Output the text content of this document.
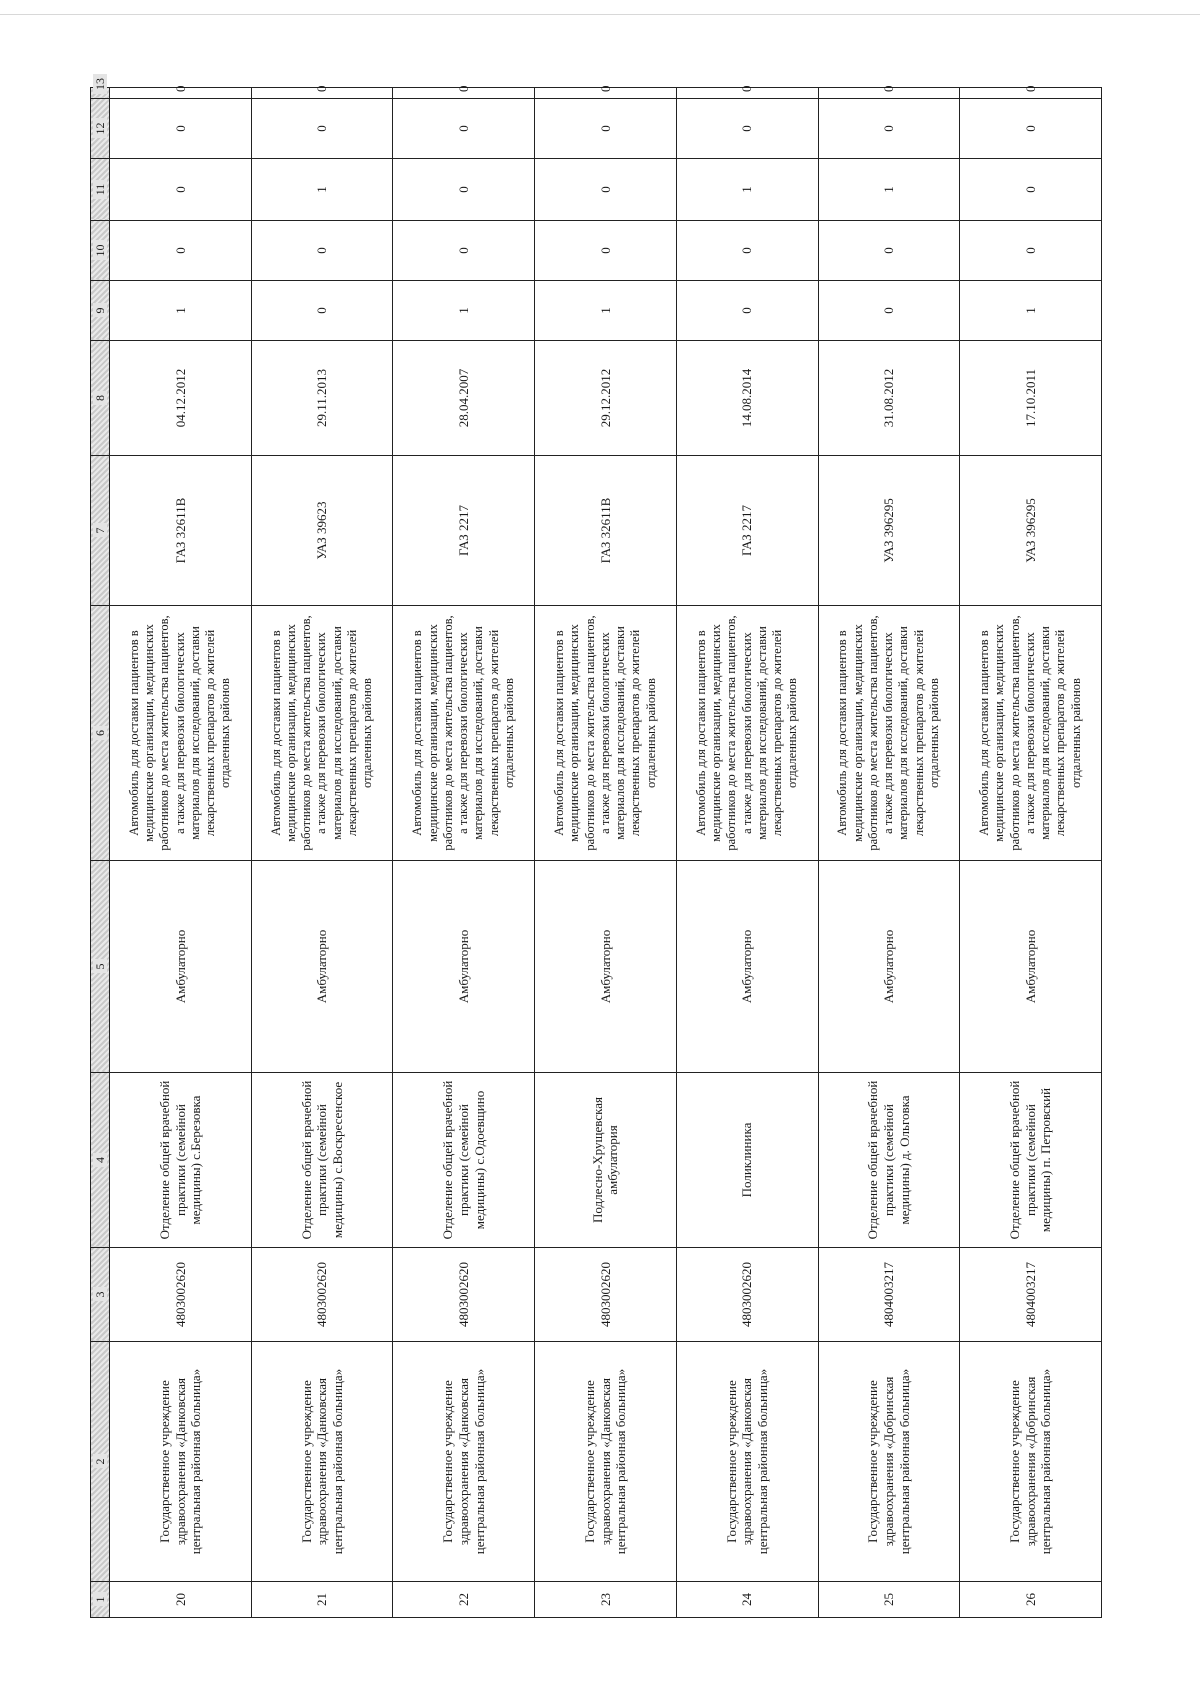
1	2	3	4	5	6	7	8	9	10	11	12	13
20	Государственное учреждение здравоохранения «Данковская центральная районная больница»	4803002620	Отделение общей врачебной практики (семейной медицины) с.Березовка	Амбулаторно	Автомобиль для доставки пациентов в медицинские организации, медицинских работников до места жительства пациентов, а также для перевозки биологических материалов для исследований, доставки лекарственных препаратов до жителей отдаленных районов	ГАЗ 32611В	04.12.2012	1	0	0	0	0
21	Государственное учреждение здравоохранения «Данковская центральная районная больница»	4803002620	Отделение общей врачебной практики (семейной медицины) с.Воскресенское	Амбулаторно	Автомобиль для доставки пациентов в медицинские организации, медицинских работников до места жительства пациентов, а также для перевозки биологических материалов для исследований, доставки лекарственных препаратов до жителей отдаленных районов	УАЗ 39623	29.11.2013	0	0	1	0	0
22	Государственное учреждение здравоохранения «Данковская центральная районная больница»	4803002620	Отделение общей врачебной практики (семейной медицины) с.Одоевщино	Амбулаторно	Автомобиль для доставки пациентов в медицинские организации, медицинских работников до места жительства пациентов, а также для перевозки биологических материалов для исследований, доставки лекарственных препаратов до жителей отдаленных районов	ГАЗ 2217	28.04.2007	1	0	0	0	0
23	Государственное учреждение здравоохранения «Данковская центральная районная больница»	4803002620	Подлесно-Хрущевская амбулатория	Амбулаторно	Автомобиль для доставки пациентов в медицинские организации, медицинских работников до места жительства пациентов, а также для перевозки биологических материалов для исследований, доставки лекарственных препаратов до жителей отдаленных районов	ГАЗ 32611В	29.12.2012	1	0	0	0	0
24	Государственное учреждение здравоохранения «Данковская центральная районная больница»	4803002620	Поликлиника	Амбулаторно	Автомобиль для доставки пациентов в медицинские организации, медицинских работников до места жительства пациентов, а также для перевозки биологических материалов для исследований, доставки лекарственных препаратов до жителей отдаленных районов	ГАЗ 2217	14.08.2014	0	0	1	0	0
25	Государственное учреждение здравоохранения «Добринская центральная районная больница»	4804003217	Отделение общей врачебной практики (семейной медицины) д. Ольговка	Амбулаторно	Автомобиль для доставки пациентов в медицинские организации, медицинских работников до места жительства пациентов, а также для перевозки биологических материалов для исследований, доставки лекарственных препаратов до жителей отдаленных районов	УАЗ 396295	31.08.2012	0	0	1	0	0
26	Государственное учреждение здравоохранения «Добринская центральная районная больница»	4804003217	Отделение общей врачебной практики (семейной медицины) п. Петровский	Амбулаторно	Автомобиль для доставки пациентов в медицинские организации, медицинских работников до места жительства пациентов, а также для перевозки биологических материалов для исследований, доставки лекарственных препаратов до жителей отдаленных районов	УАЗ 396295	17.10.2011	1	0	0	0	0
